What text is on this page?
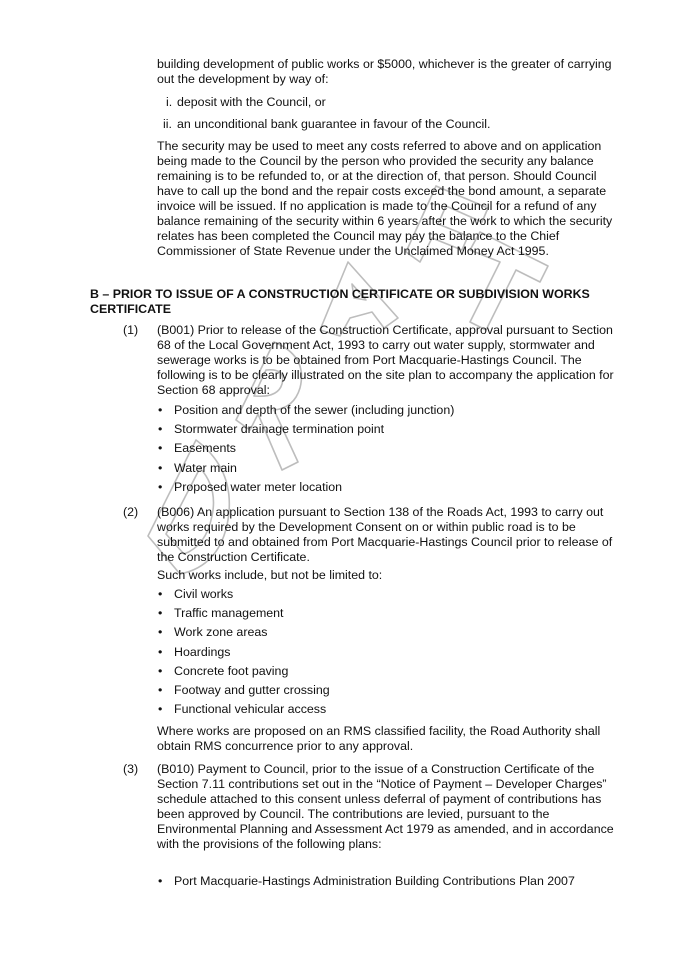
building development of public works or $5000, whichever is the greater of carrying out the development by way of:

i. deposit with the Council, or
ii. an unconditional bank guarantee in favour of the Council.

The security may be used to meet any costs referred to above and on application being made to the Council by the person who provided the security any balance remaining is to be refunded to, or at the direction of, that person. Should Council have to call up the bond and the repair costs exceed the bond amount, a separate invoice will be issued. If no application is made to the Council for a refund of any balance remaining of the security within 6 years after the work to which the security relates has been completed the Council may pay the balance to the Chief Commissioner of State Revenue under the Unclaimed Money Act 1995.

B – PRIOR TO ISSUE OF A CONSTRUCTION CERTIFICATE OR SUBDIVISION WORKS CERTIFICATE

(1) (B001) Prior to release of the Construction Certificate, approval pursuant to Section 68 of the Local Government Act, 1993 to carry out water supply, stormwater and sewerage works is to be obtained from Port Macquarie-Hastings Council. The following is to be clearly illustrated on the site plan to accompany the application for Section 68 approval:

• Position and depth of the sewer (including junction)
• Stormwater drainage termination point
• Easements
• Water main
• Proposed water meter location
(2) (B006) An application pursuant to Section 138 of the Roads Act, 1993 to carry out works required by the Development Consent on or within public road is to be submitted to and obtained from Port Macquarie-Hastings Council prior to release of the Construction Certificate.

Such works include, but not be limited to:

• Civil works
• Traffic management
• Work zone areas
• Hoardings
• Concrete foot paving
• Footway and gutter crossing
• Functional vehicular access

Where works are proposed on an RMS classified facility, the Road Authority shall obtain RMS concurrence prior to any approval.

(3) (B010) Payment to Council, prior to the issue of a Construction Certificate of the Section 7.11 contributions set out in the “Notice of Payment – Developer Charges” schedule attached to this consent unless deferral of payment of contributions has been approved by Council. The contributions are levied, pursuant to the Environmental Planning and Assessment Act 1979 as amended, and in accordance with the provisions of the following plans:

• Port Macquarie-Hastings Administration Building Contributions Plan 2007
